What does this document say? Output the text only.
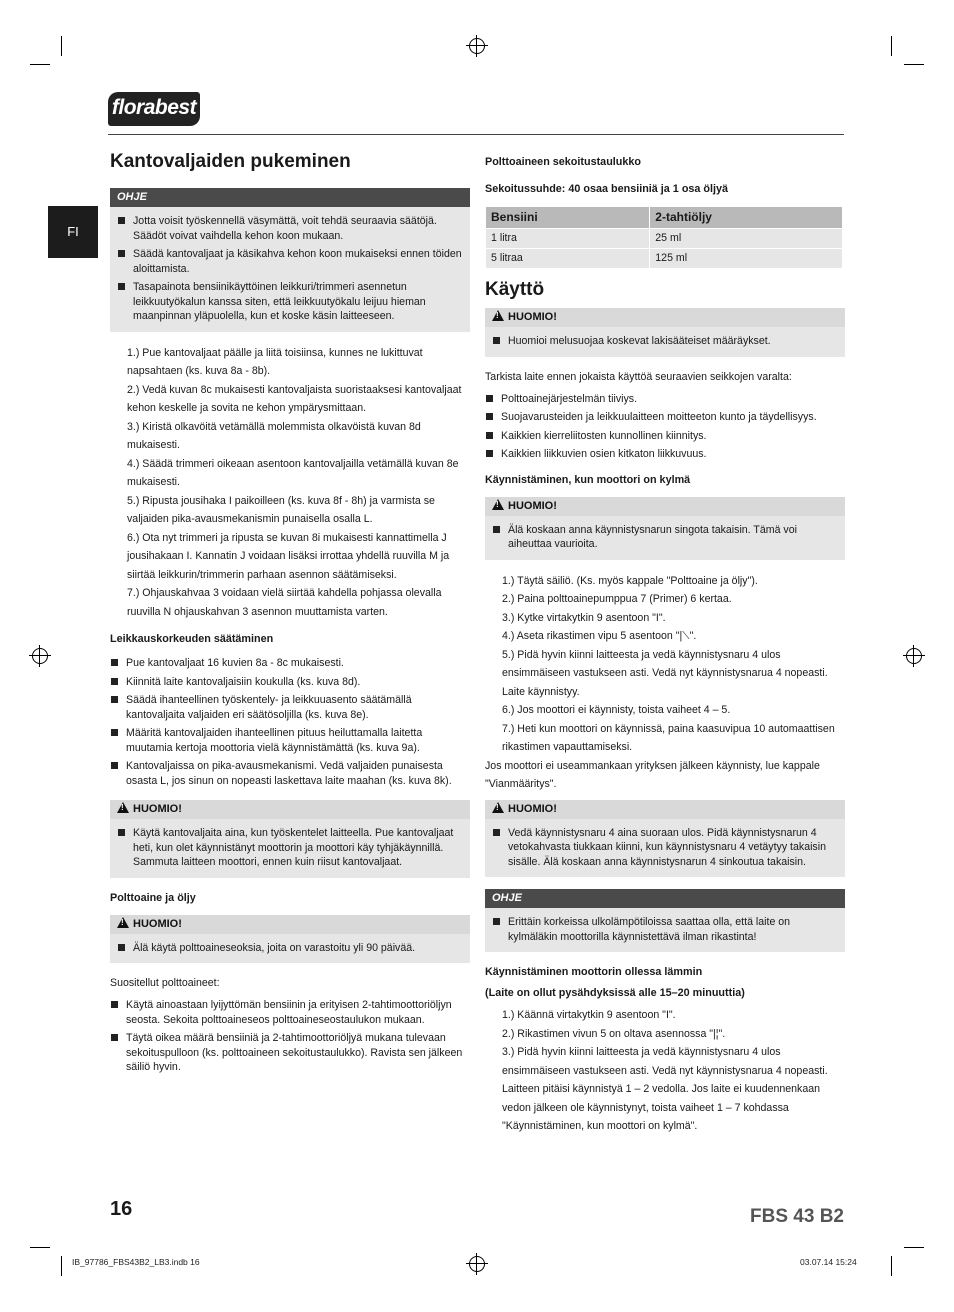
florabest
FI
Kantovaljaiden pukeminen
OHJE
Jotta voisit työskennellä väsymättä, voit tehdä seuraavia säätöjä. Säädöt voivat vaihdella kehon koon mukaan.
Säädä kantovaljaat ja käsikahva kehon koon mukaiseksi ennen töiden aloittamista.
Tasapainota bensiinikäyttöinen leikkuri/trimmeri asennetun leikkuutyökalun kanssa siten, että leikkuutyökalu leijuu hieman maanpinnan yläpuolella, kun et koske käsin laitteeseen.
1.) Pue kantovaljaat päälle ja liitä toisiinsa, kunnes ne lukittuvat napsahtaen (ks. kuva 8a - 8b).
2.) Vedä kuvan 8c mukaisesti kantovaljaista suoristaaksesi kantovaljaat kehon keskelle ja sovita ne kehon ympärysmittaan.
3.) Kiristä olkavöitä vetämällä molemmista olkavöistä kuvan 8d mukaisesti.
4.) Säädä trimmeri oikeaan asentoon kantovaljailla vetämällä kuvan 8e mukaisesti.
5.) Ripusta jousihaka I paikoilleen (ks. kuva 8f - 8h) ja varmista se valjaiden pika-avausmekanismin punaisella osalla L.
6.) Ota nyt trimmeri ja ripusta se kuvan 8i mukaisesti kannattimella J jousihakaan I. Kannatin J voidaan lisäksi irrottaa yhdellä ruuvilla M ja siirtää leikkurin/trimmerin parhaan asennon säätämiseksi.
7.) Ohjauskahvaa 3 voidaan vielä siirtää kahdella pohjassa olevalla ruuvilla N ohjauskahvan 3 asennon muuttamista varten.
Leikkauskorkeuden säätäminen
Pue kantovaljaat 16 kuvien 8a - 8c mukaisesti.
Kiinnitä laite kantovaljaisiin koukulla (ks. kuva 8d).
Säädä ihanteellinen työskentely- ja leikkuuasento säätämällä kantovaljaita valjaiden eri säätösoljilla (ks. kuva 8e).
Määritä kantovaljaiden ihanteellinen pituus heiluttamalla laitetta muutamia kertoja moottoria vielä käynnistämättä (ks. kuva 9a).
Kantovaljaissa on pika-avausmekanismi. Vedä valjaiden punaisesta osasta L, jos sinun on nopeasti laskettava laite maahan (ks. kuva 8k).
!HUOMIO!
Käytä kantovaljaita aina, kun työskentelet laitteella. Pue kantovaljaat heti, kun olet käynnistänyt moottorin ja moottori käy tyhjäkäynnillä. Sammuta laitteen moottori, ennen kuin riisut kantovaljaat.
Polttoaine ja öljy
!HUOMIO!
Älä käytä polttoaineseoksia, joita on varastoitu yli 90 päivää.

Suositellut polttoaineet:

Käytä ainoastaan lyijyttömän bensiinin ja erityisen 2-tahtimoottoriöljyn seosta. Sekoita polttoaineseos polttoaineseostaulukon mukaan.
Täytä oikea määrä bensiiniä ja 2-tahtimoottoriöljyä mukana tulevaan sekoituspulloon (ks. polttoaineen sekoitustaulukko). Ravista sen jälkeen säiliö hyvin.
Polttoaineen sekoitustaulukko
Sekoitussuhde: 40 osaa bensiiniä ja 1 osa öljyä
Bensiini	2-tahtiöljy
1 litra	25 ml
5 litraa	125 ml
Käyttö
!HUOMIO!
Huomioi melusuojaa koskevat lakisääteiset määräykset.

Tarkista laite ennen jokaista käyttöä seuraavien seikkojen varalta:

Polttoainejärjestelmän tiiviys.
Suojavarusteiden ja leikkuulaitteen moitteeton kunto ja täydellisyys.
Kaikkien kierreliitosten kunnollinen kiinnitys.
Kaikkien liikkuvien osien kitkaton liikkuvuus.
Käynnistäminen, kun moottori on kylmä
!HUOMIO!
Älä koskaan anna käynnistysnarun singota takaisin. Tämä voi aiheuttaa vaurioita.
1.) Täytä säiliö. (Ks. myös kappale "Polttoaine ja öljy").
2.) Paina polttoainepumppua 7 (Primer) 6 kertaa.
3.) Kytke virtakytkin 9 asentoon "I".
4.) Aseta rikastimen vipu 5 asentoon "|⟍".
5.) Pidä hyvin kiinni laitteesta ja vedä käynnistysnaru 4 ulos ensimmäiseen vastukseen asti. Vedä nyt käynnistysnarua 4 nopeasti. Laite käynnistyy.
6.) Jos moottori ei käynnisty, toista vaiheet 4 – 5.
7.) Heti kun moottori on käynnissä, paina kaasuvipua 10 automaattisen rikastimen vapauttamiseksi.

Jos moottori ei useammankaan yrityksen jälkeen käynnisty, lue kappale "Vianmääritys".

!HUOMIO!
Vedä käynnistysnaru 4 aina suoraan ulos. Pidä käynnistysnarun 4 vetokahvasta tiukkaan kiinni, kun käynnistysnaru 4 vetäytyy takaisin sisälle. Älä koskaan anna käynnistysnarun 4 sinkoutua takaisin.
OHJE
Erittäin korkeissa ulkolämpötiloissa saattaa olla, että laite on kylmäläkin moottorilla käynnistettävä ilman rikastinta!
Käynnistäminen moottorin ollessa lämmin
(Laite on ollut pysähdyksissä alle 15–20 minuuttia)
1.) Käännä virtakytkin 9 asentoon "I".
2.) Rikastimen vivun 5 on oltava asennossa "|¦".
3.) Pidä hyvin kiinni laitteesta ja vedä käynnistysnaru 4 ulos ensimmäiseen vastukseen asti. Vedä nyt käynnistysnarua 4 nopeasti. Laitteen pitäisi käynnistyä 1 – 2 vedolla. Jos laite ei kuudennenkaan vedon jälkeen ole käynnistynyt, toista vaiheet 1 – 7 kohdassa "Käynnistäminen, kun moottori on kylmä".
16	FBS 43 B2
IB_97786_FBS43B2_LB3.indb 16	03.07.14 15:24
